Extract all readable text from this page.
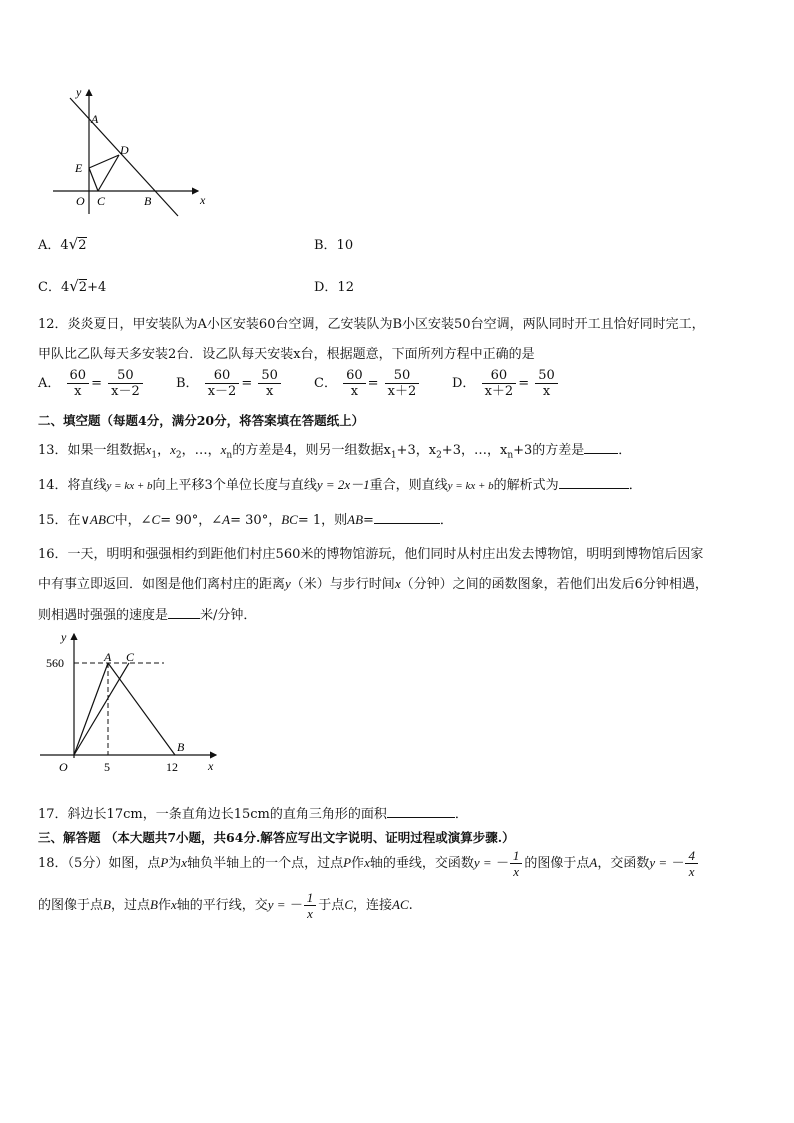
y
x
A
D
E
O C	B
A．4√2	B．10
C．4√2+4	D．12
12．炎炎夏日，甲安装队为A小区安装60台空调，乙安装队为B小区安装50台空调，两队同时开工且恰好同时完工，
甲队比乙队每天多安装2台．设乙队每天安装x台，根据题意，下面所列方程中正确的是
A． $\frac{60}{x} = \frac{50}{x-2}$	B． $\frac{60}{x-2} = \frac{50}{x}$	C． $\frac{60}{x} = \frac{50}{x+2}$	D． $\frac{60}{x+2} = \frac{50}{x}$
二、填空题（每题4分，满分20分，将答案填在答题纸上）
13．如果一组数据$x_1$，$x_2$，…，$x_n$的方差是4，则另一组数据$x_1+3$，$x_2+3$，…，$x_n+3$的方差是	．
14．将直线y = kx + b向上平移3个单位长度与直线y = 2x－1重合，则直线y = kx + b的解析式为	．
15．在∨ABC中，∠C= 90°，∠A= 30°，BC= 1，则AB=	．
16．一天，明明和强强相约到距他们村庄560米的博物馆游玩，他们同时从村庄出发去博物馆，明明到博物馆后因家
中有事立即返回．如图是他们离村庄的距离y（米）与步行时间x（分钟）之间的函数图象，若他们出发后6分钟相遇，
则相遇时强强的速度是 米/分钟．
y
x
560	A C
O	5	12
B
17．斜边长17cm，一条直角边长15cm的直角三角形的面积	．
三、解答题 （本大题共7小题，共64分.解答应写出文字说明、证明过程或演算步骤.）
18．（5分）如图，点P为x轴负半轴上的一个点，过点P作x轴的垂线，交函数y = － $\frac{1}{x}$ 的图像于点A，交函数y = － $\frac{4}{x}$
的图像于点B，过点B作x轴的平行线，交y = － $\frac{1}{x}$ 于点C，连接AC.
